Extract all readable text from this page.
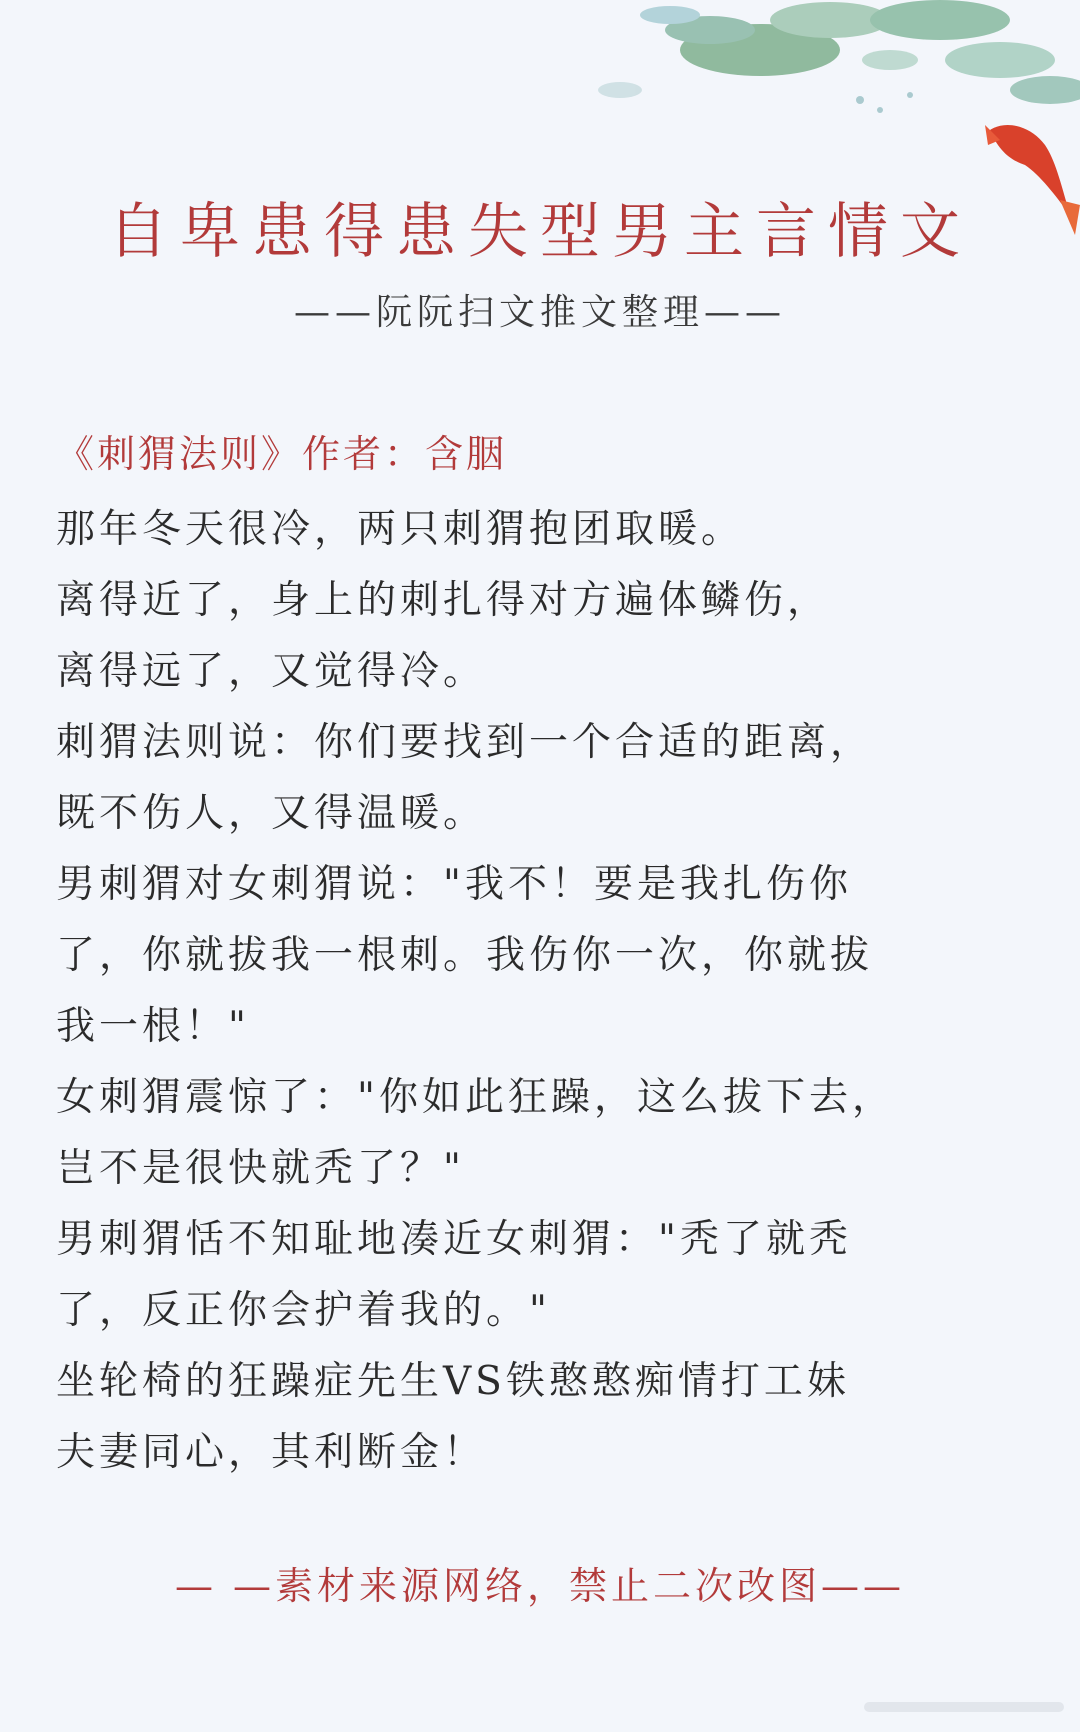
自卑患得患失型男主言情文
——阮阮扫文推文整理——
《刺猬法则》作者：含胭

那年冬天很冷，两只刺猬抱团取暖。

离得近了，身上的刺扎得对方遍体鳞伤，

离得远了，又觉得冷。

刺猬法则说：你们要找到一个合适的距离，

既不伤人，又得温暖。

男刺猬对女刺猬说："我不！要是我扎伤你

了，你就拔我一根刺。我伤你一次，你就拔

我一根！"

女刺猬震惊了："你如此狂躁，这么拔下去，

岂不是很快就秃了？"

男刺猬恬不知耻地凑近女刺猬："秃了就秃

了，反正你会护着我的。"

坐轮椅的狂躁症先生VS铁憨憨痴情打工妹

夫妻同心，其利断金！

— —素材来源网络，禁止二次改图——
